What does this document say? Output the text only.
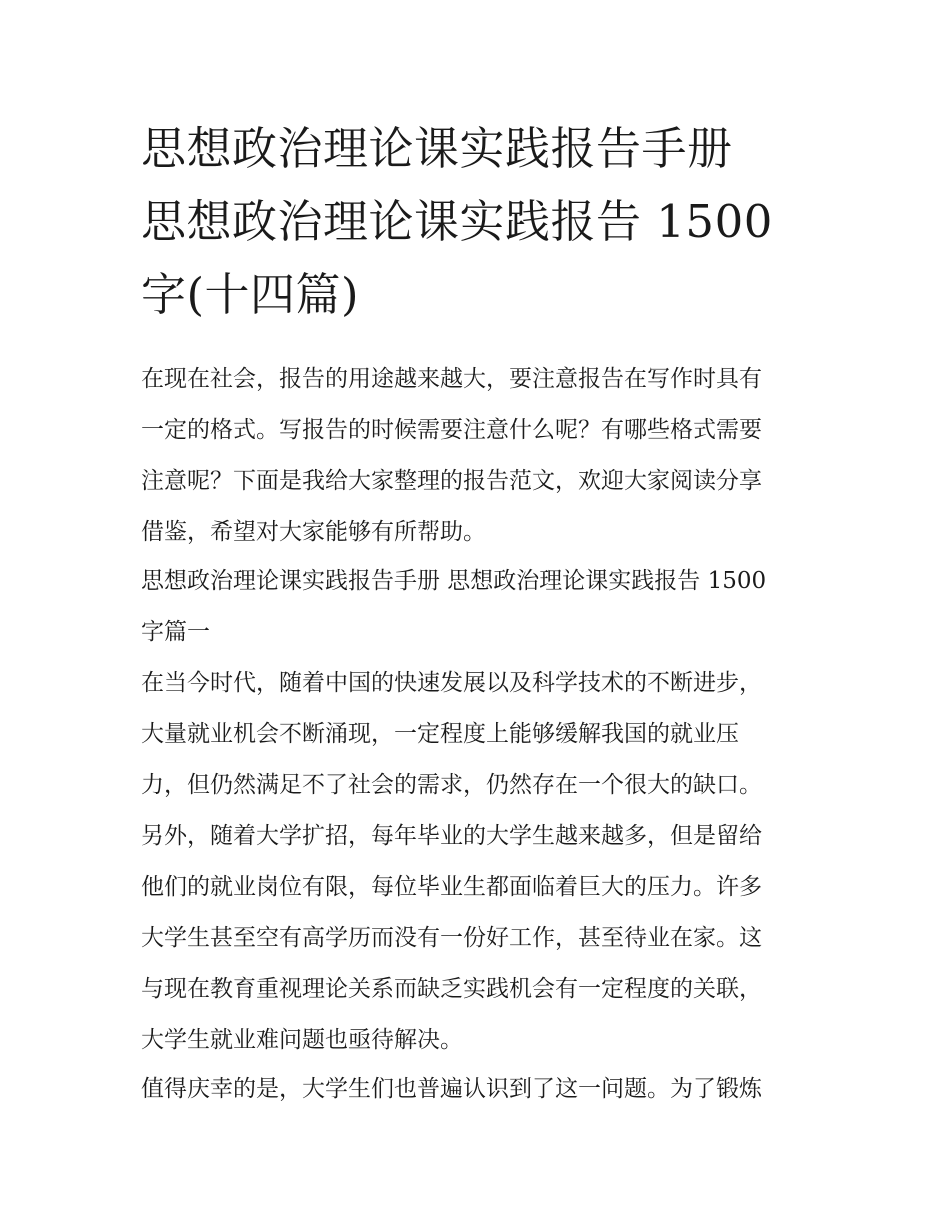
思想政治理论课实践报告手册
思想政治理论课实践报告 1500
字(十四篇)
在现在社会，报告的用途越来越大，要注意报告在写作时具有
一定的格式。写报告的时候需要注意什么呢？有哪些格式需要
注意呢？下面是我给大家整理的报告范文，欢迎大家阅读分享
借鉴，希望对大家能够有所帮助。
思想政治理论课实践报告手册 思想政治理论课实践报告 1500
字篇一
在当今时代，随着中国的快速发展以及科学技术的不断进步，
大量就业机会不断涌现，一定程度上能够缓解我国的就业压
力，但仍然满足不了社会的需求，仍然存在一个很大的缺口。
另外，随着大学扩招，每年毕业的大学生越来越多，但是留给
他们的就业岗位有限，每位毕业生都面临着巨大的压力。许多
大学生甚至空有高学历而没有一份好工作，甚至待业在家。这
与现在教育重视理论关系而缺乏实践机会有一定程度的关联，
大学生就业难问题也亟待解决。
值得庆幸的是，大学生们也普遍认识到了这一问题。为了锻炼
